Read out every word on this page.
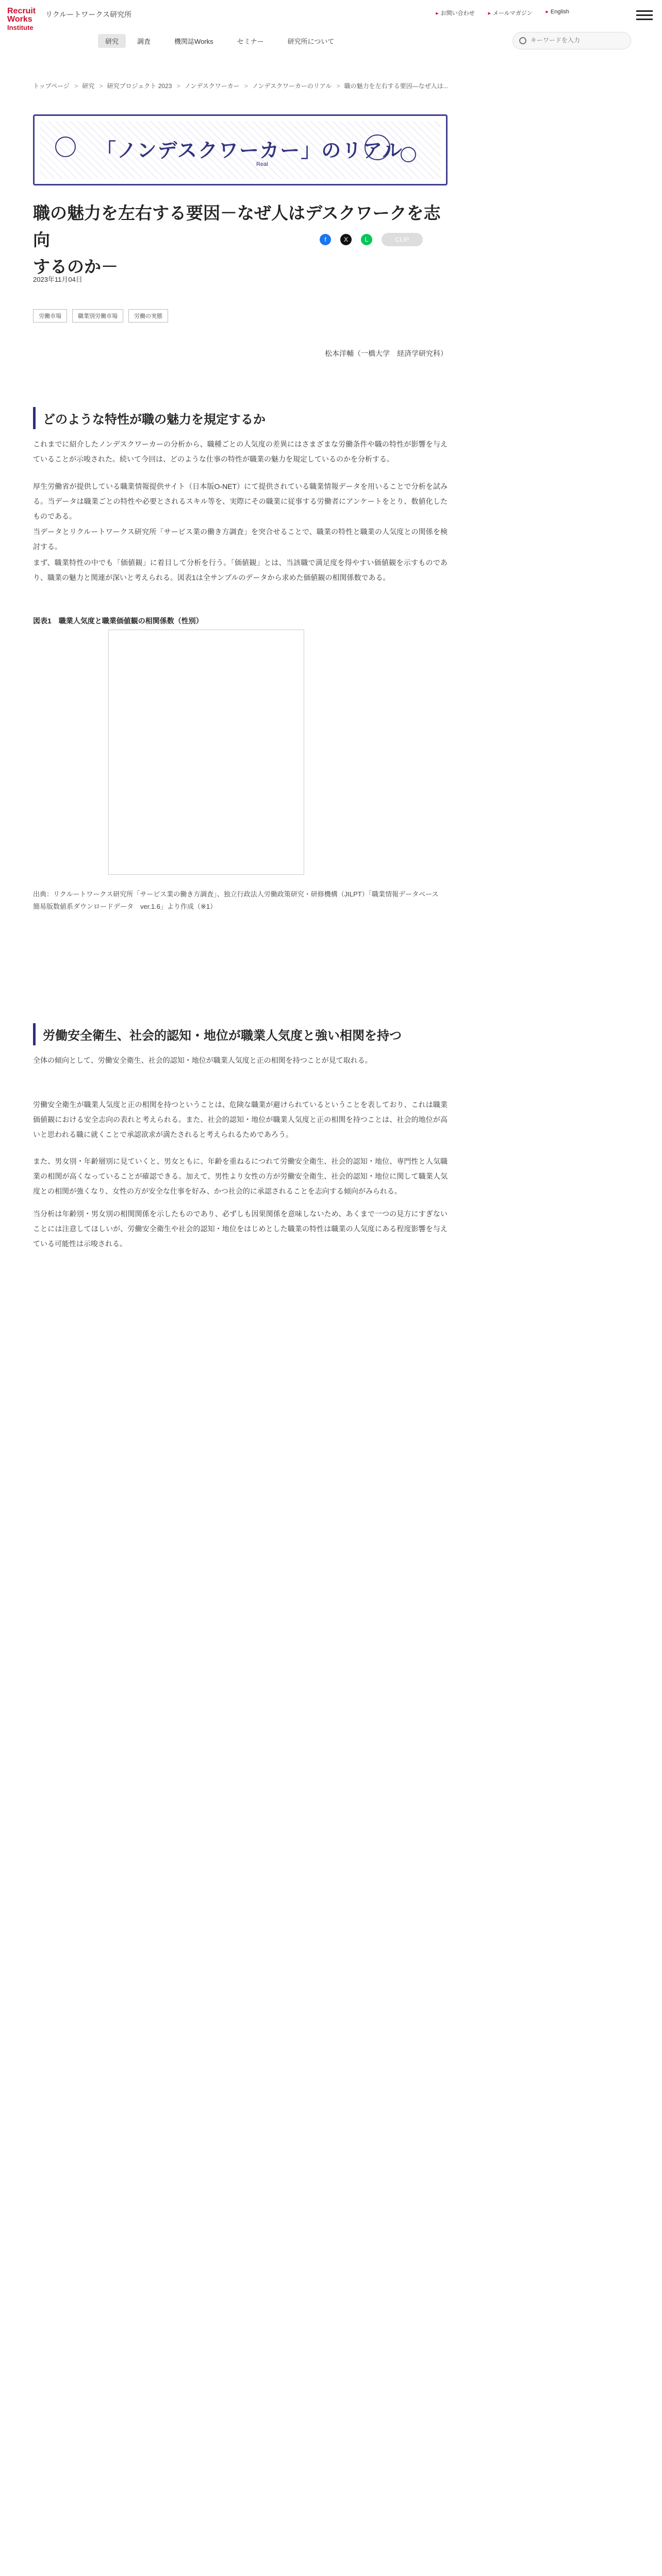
Recruit
Works
Institute
リクルートワークス研究所	▶ お問い合わせ	▶ メールマガジン	▶ English
研究	調査	機関誌Works	セミナー	研究所について
キーワードを入力
トップページ >	研究 >	研究プロジェクト 2023 >	ノンデスクワーカー >	ノンデスクワーカーのリアル >	職の魅力を左右する要因—なぜ人は...
「ノンデスクワーカー」のリアル
Real
職の魅力を左右する要因－なぜ人はデスクワークを志向
するのか－
f	X	L	CLIP
2023年11月04日
労働市場	職業別労働市場	労働の実態
松本洋輔（一橋大学　経済学研究科）
どのような特性が職の魅力を規定するか
これまでに紹介したノンデスクワーカーの分析から、職種ごとの人気度の差異にはさまざまな労働条件や職の特性が影響を与えていることが示唆された。続いて今回は、どのような仕事の特性が職業の魅力を規定しているのかを分析する。
厚生労働省が提供している職業情報提供サイト（日本版O-NET）にて提供されている職業情報データを用いることで分析を試みる。当データは職業ごとの特性や必要とされるスキル等を、実際にその職業に従事する労働者にアンケートをとり、数値化したものである。
当データとリクルートワークス研究所「サービス業の働き方調査」を突合せることで、職業の特性と職業の人気度との関係を検討する。
まず、職業特性の中でも「価値観」に着目して分析を行う。「価値観」とは、当該職で満足度を得やすい価値観を示すものであり、職業の魅力と関連が深いと考えられる。図表1は全サンプルのデータから求めた価値観の相関係数である。
図表1　職業人気度と職業価値観の相関係数（性別）
出典：リクルートワークス研究所「サービス業の働き方調査」、独立行政法人労働政策研究・研修機構（JILPT）「職業情報データベース　簡易版数値系ダウンロードデータ　ver.1.6」より作成（※1）
労働安全衛生、社会的認知・地位が職業人気度と強い相関を持つ
全体の傾向として、労働安全衛生、社会的認知・地位が職業人気度と正の相関を持つことが見て取れる。
労働安全衛生が職業人気度と正の相関を持つということは、危険な職業が避けられているということを表しており、これは職業価値観における安全志向の表れと考えられる。また、社会的認知・地位が職業人気度と正の相関を持つことは、社会的地位が高いと思われる職に就くことで承認欲求が満たされると考えられるためであろう。
また、男女別・年齢層別に見ていくと、男女ともに、年齢を重ねるにつれて労働安全衛生、社会的認知・地位、専門性と人気職業の相関が高くなっていることが確認できる。加えて、男性より女性の方が労働安全衛生、社会的認知・地位に関して職業人気度との相関が強くなり、女性の方が安全な仕事を好み、かつ社会的に承認されることを志向する傾向がみられる。
当分析は年齢別・男女別の相関関係を示したものであり、必ずしも因果関係を意味しないため、あくまで一つの見方にすぎないことには注意してほしいが、労働安全衛生や社会的認知・地位をはじめとした職業の特性は職業の人気度にある程度影響を与えている可能性は示唆される。
